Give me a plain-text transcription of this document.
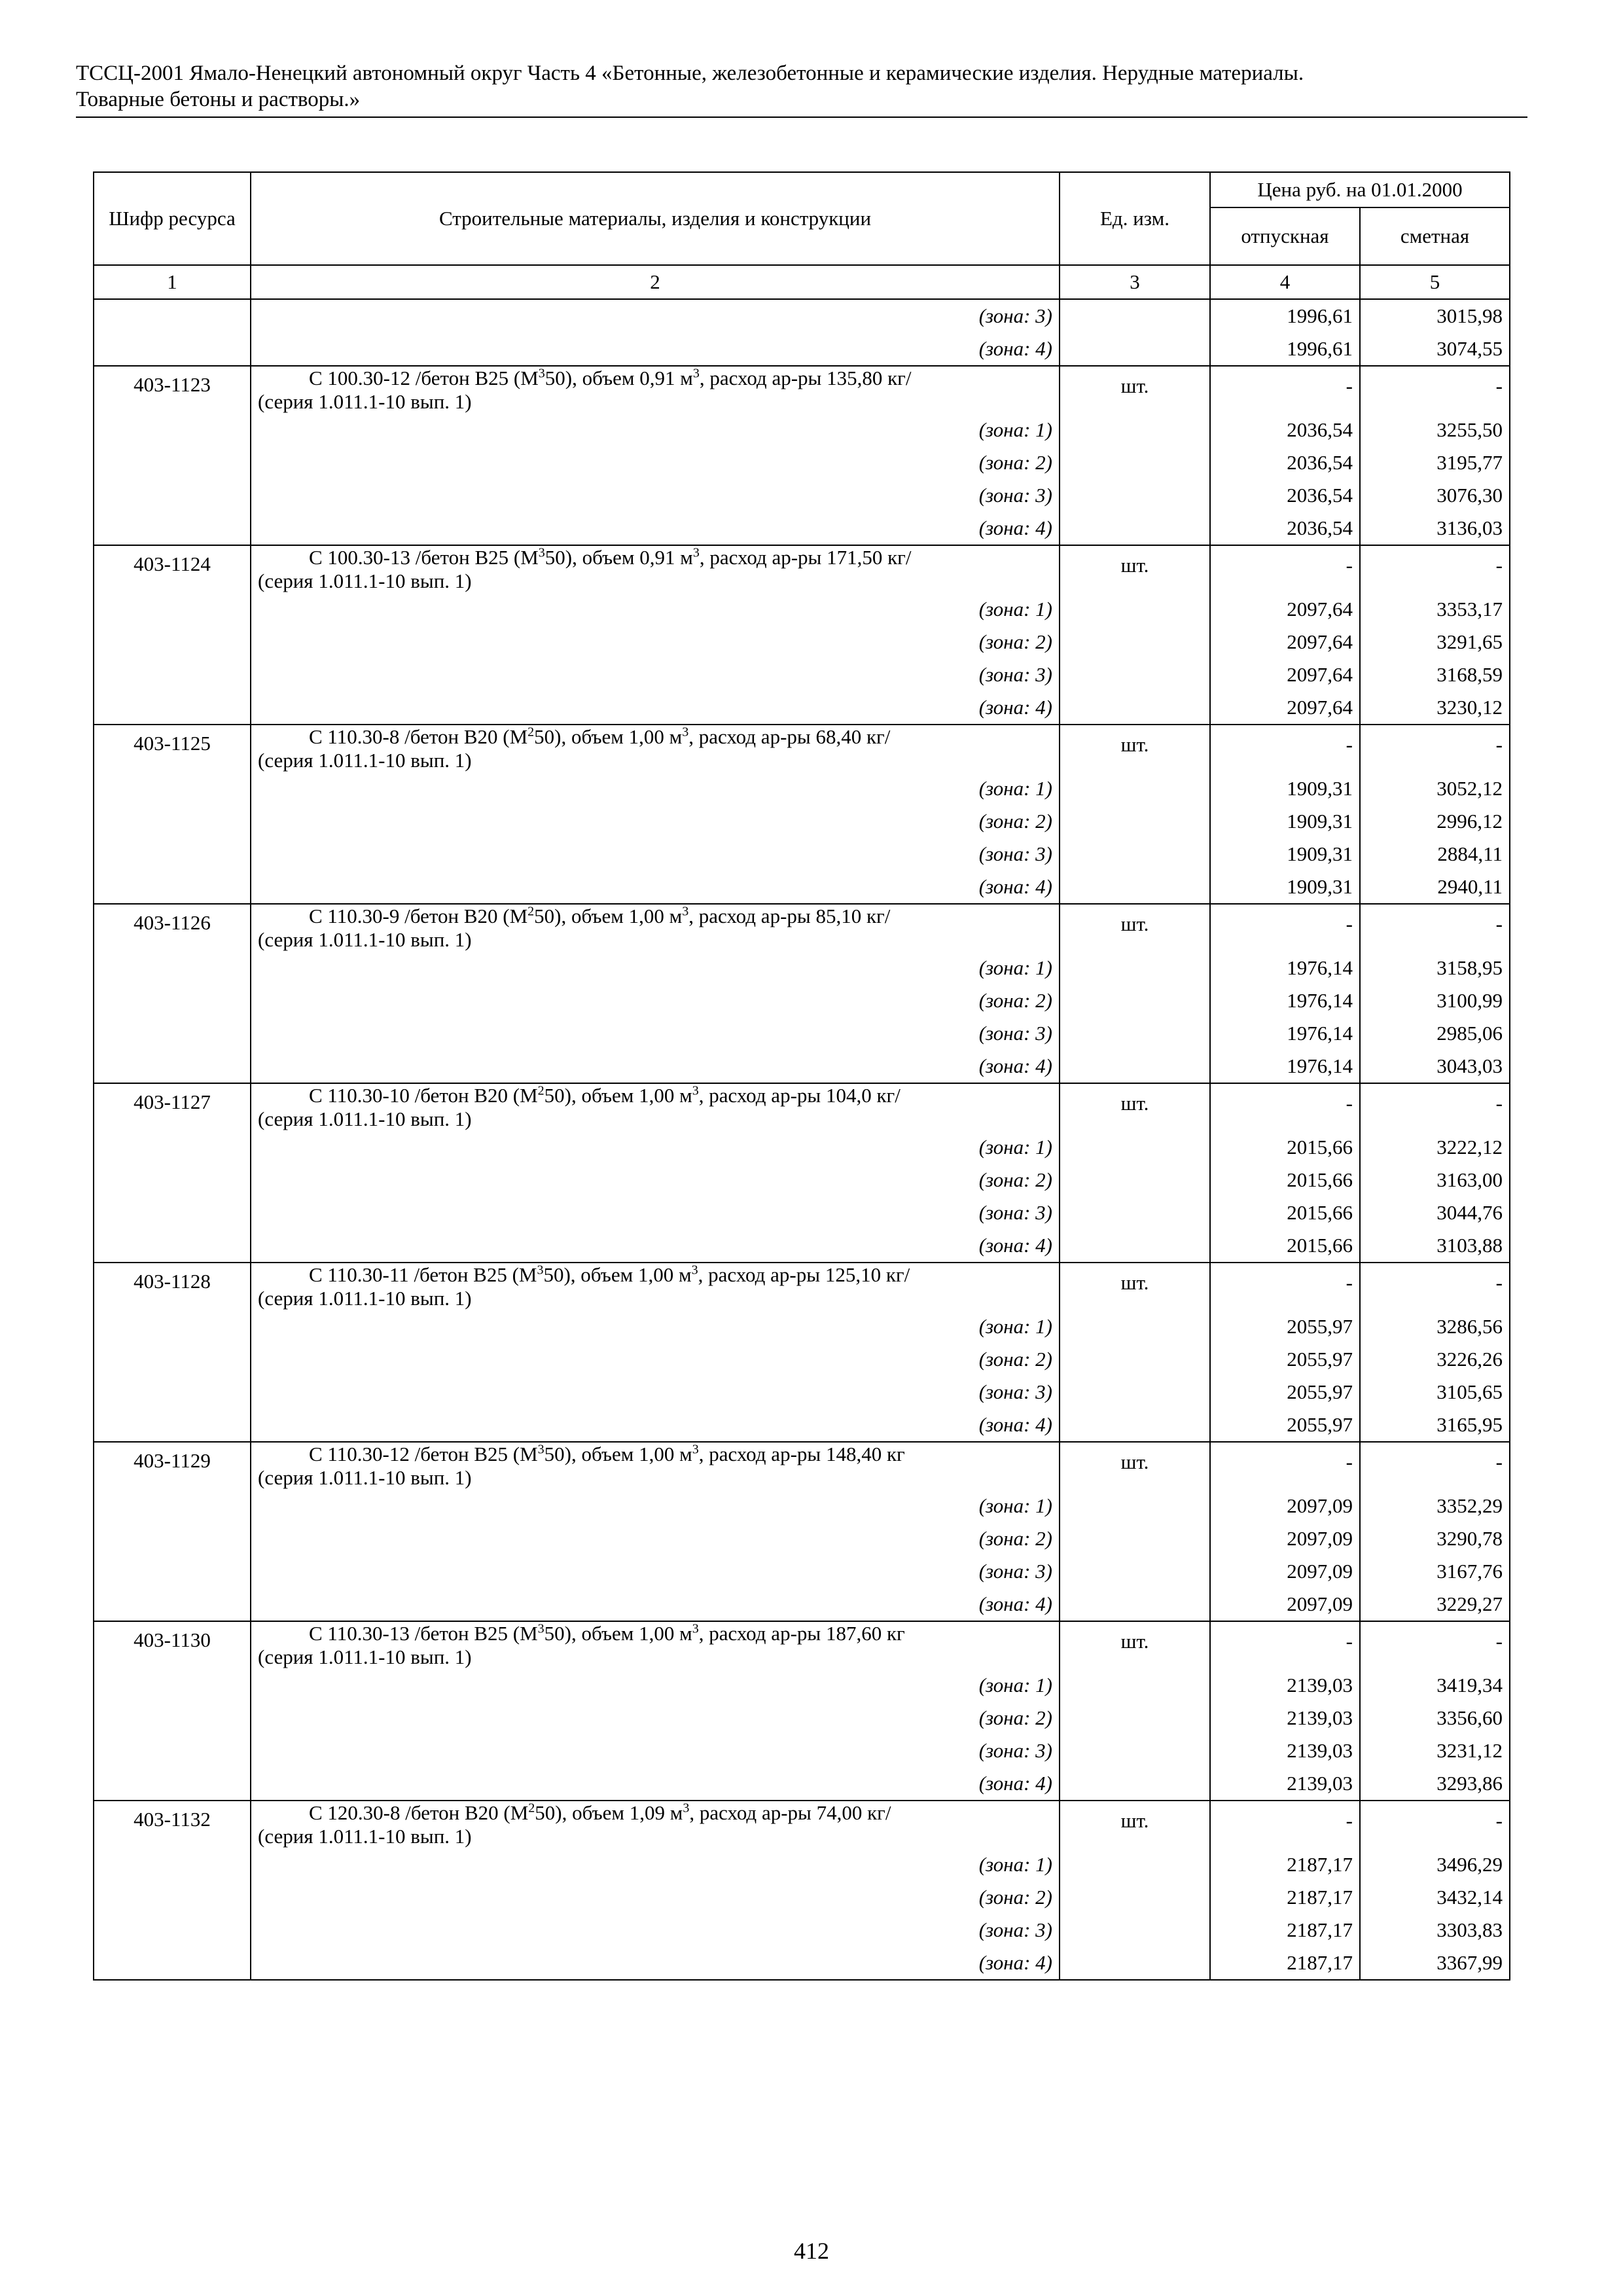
ТССЦ-2001 Ямало-Ненецкий автономный округ Часть 4 «Бетонные, железобетонные и керамические изделия. Нерудные материалы.
Товарные бетоны и растворы.»
Шифр ресурса	Строительные материалы, изделия и конструкции	Ед. изм.	Цена руб. на 01.01.2000	
			отпускная	сметная
1	2	3	4	5
	(зона: 3)		1996,61	3015,98
	(зона: 4)		1996,61	3074,55
403-1123	С 100.30-12 /бетон В25 $(М^350)$, объем 0,91 $м^3$, расход ар-ры 135,80 кг/
(серия 1.011.1-10 вып. 1)	шт.	-	-
	(зона: 1)		2036,54	3255,50
	(зона: 2)		2036,54	3195,77
	(зона: 3)		2036,54	3076,30
	(зона: 4)		2036,54	3136,03
403-1124	С 100.30-13 /бетон В25 $(М^350)$, объем 0,91 $м^3$, расход ар-ры 171,50 кг/
(серия 1.011.1-10 вып. 1)	шт.	-	-
	(зона: 1)		2097,64	3353,17
	(зона: 2)		2097,64	3291,65
	(зона: 3)		2097,64	3168,59
	(зона: 4)		2097,64	3230,12
403-1125	С 110.30-8 /бетон В20 $(М^250)$, объем 1,00 $м^3$, расход ар-ры 68,40 кг/
(серия 1.011.1-10 вып. 1)	шт.	-	-
	(зона: 1)		1909,31	3052,12
	(зона: 2)		1909,31	2996,12
	(зона: 3)		1909,31	2884,11
	(зона: 4)		1909,31	2940,11
403-1126	С 110.30-9 /бетон В20 $(М^250)$, объем 1,00 $м^3$, расход ар-ры 85,10 кг/
(серия 1.011.1-10 вып. 1)	шт.	-	-
	(зона: 1)		1976,14	3158,95
	(зона: 2)		1976,14	3100,99
	(зона: 3)		1976,14	2985,06
	(зона: 4)		1976,14	3043,03
403-1127	С 110.30-10 /бетон В20 $(М^250)$, объем 1,00 $м^3$, расход ар-ры 104,0 кг/
(серия 1.011.1-10 вып. 1)	шт.	-	-
	(зона: 1)		2015,66	3222,12
	(зона: 2)		2015,66	3163,00
	(зона: 3)		2015,66	3044,76
	(зона: 4)		2015,66	3103,88
403-1128	С 110.30-11 /бетон В25 $(М^350)$, объем 1,00 $м^3$, расход ар-ры 125,10 кг/
(серия 1.011.1-10 вып. 1)	шт.	-	-
	(зона: 1)		2055,97	3286,56
	(зона: 2)		2055,97	3226,26
	(зона: 3)		2055,97	3105,65
	(зона: 4)		2055,97	3165,95
403-1129	С 110.30-12 /бетон В25 $(М^350)$, объем 1,00 $м^3$, расход ар-ры 148,40 кг
(серия 1.011.1-10 вып. 1)	шт.	-	-
	(зона: 1)		2097,09	3352,29
	(зона: 2)		2097,09	3290,78
	(зона: 3)		2097,09	3167,76
	(зона: 4)		2097,09	3229,27
403-1130	С 110.30-13 /бетон В25 $(М^350)$, объем 1,00 $м^3$, расход ар-ры 187,60 кг
(серия 1.011.1-10 вып. 1)	шт.	-	-
	(зона: 1)		2139,03	3419,34
	(зона: 2)		2139,03	3356,60
	(зона: 3)		2139,03	3231,12
	(зона: 4)		2139,03	3293,86
403-1132	С 120.30-8 /бетон В20 $(М^250)$, объем 1,09 $м^3$, расход ар-ры 74,00 кг/
(серия 1.011.1-10 вып. 1)	шт.	-	-
	(зона: 1)		2187,17	3496,29
	(зона: 2)		2187,17	3432,14
	(зона: 3)		2187,17	3303,83
	(зона: 4)		2187,17	3367,99
412
